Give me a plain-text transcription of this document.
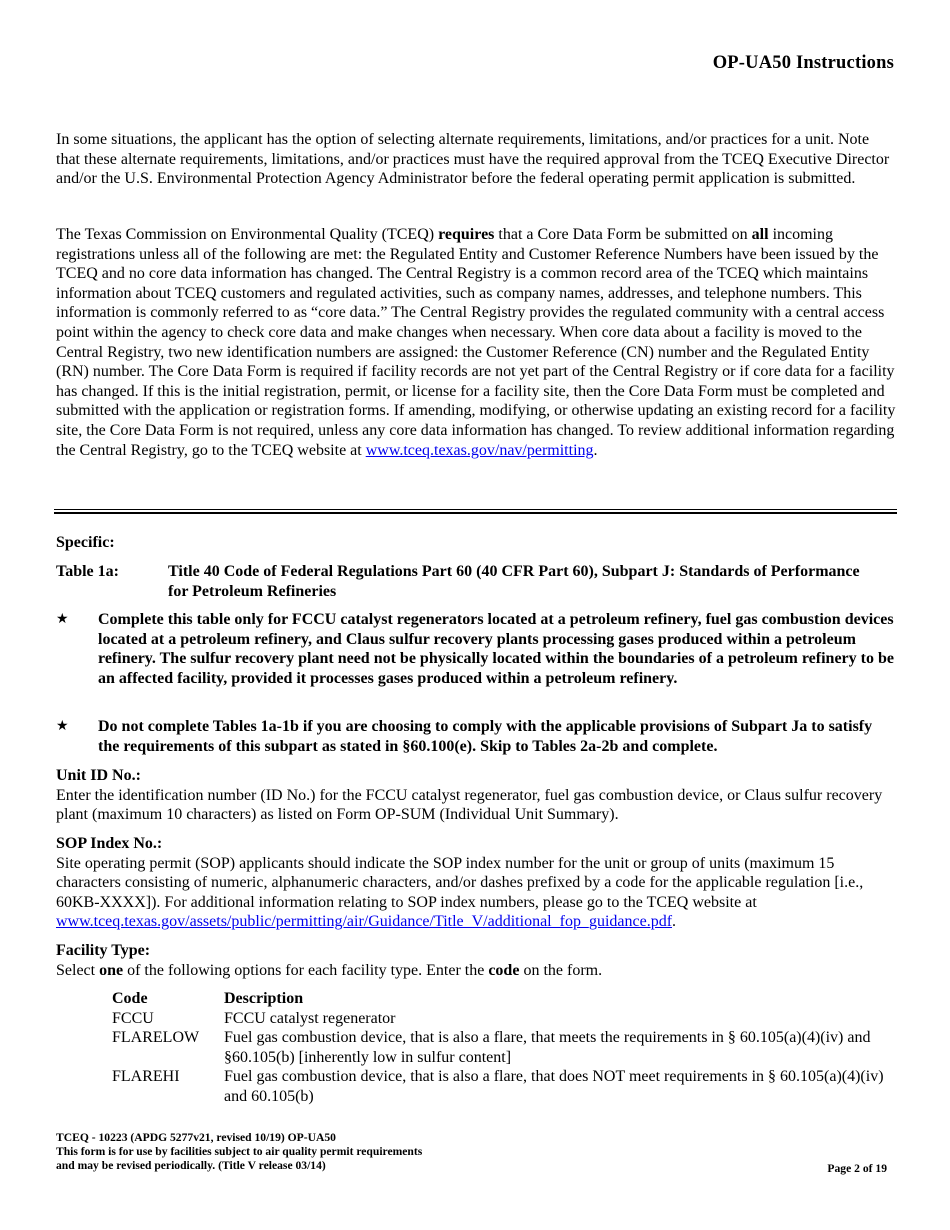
OP-UA50 Instructions

In some situations, the applicant has the option of selecting alternate requirements, limitations, and/or practices for a unit. Note that these alternate requirements, limitations, and/or practices must have the required approval from the TCEQ Executive Director and/or the U.S. Environmental Protection Agency Administrator before the federal operating permit application is submitted.

The Texas Commission on Environmental Quality (TCEQ) requires that a Core Data Form be submitted on all incoming registrations unless all of the following are met: the Regulated Entity and Customer Reference Numbers have been issued by the TCEQ and no core data information has changed. The Central Registry is a common record area of the TCEQ which maintains information about TCEQ customers and regulated activities, such as company names, addresses, and telephone numbers. This information is commonly referred to as “core data.” The Central Registry provides the regulated community with a central access point within the agency to check core data and make changes when necessary. When core data about a facility is moved to the Central Registry, two new identification numbers are assigned: the Customer Reference (CN) number and the Regulated Entity (RN) number. The Core Data Form is required if facility records are not yet part of the Central Registry or if core data for a facility has changed. If this is the initial registration, permit, or license for a facility site, then the Core Data Form must be completed and submitted with the application or registration forms. If amending, modifying, or otherwise updating an existing record for a facility site, the Core Data Form is not required, unless any core data information has changed. To review additional information regarding the Central Registry, go to the TCEQ website at www.tceq.texas.gov/nav/permitting.

Specific:
Table 1a:	Title 40 Code of Federal Regulations Part 60 (40 CFR Part 60), Subpart J: Standards of Performance for Petroleum Refineries
★ Complete this table only for FCCU catalyst regenerators located at a petroleum refinery, fuel gas combustion devices located at a petroleum refinery, and Claus sulfur recovery plants processing gases produced within a petroleum refinery. The sulfur recovery plant need not be physically located within the boundaries of a petroleum refinery to be an affected facility, provided it processes gases produced within a petroleum refinery.
★ Do not complete Tables 1a-1b if you are choosing to comply with the applicable provisions of Subpart Ja to satisfy the requirements of this subpart as stated in §60.100(e). Skip to Tables 2a-2b and complete.
Unit ID No.:

Enter the identification number (ID No.) for the FCCU catalyst regenerator, fuel gas combustion device, or Claus sulfur recovery plant (maximum 10 characters) as listed on Form OP-SUM (Individual Unit Summary).

SOP Index No.:

Site operating permit (SOP) applicants should indicate the SOP index number for the unit or group of units (maximum 15 characters consisting of numeric, alphanumeric characters, and/or dashes prefixed by a code for the applicable regulation [i.e., 60KB-XXXX]). For additional information relating to SOP index numbers, please go to the TCEQ website at www.tceq.texas.gov/assets/public/permitting/air/Guidance/Title_V/additional_fop_guidance.pdf.

Facility Type:

Select one of the following options for each facility type. Enter the code on the form.

Code	Description
FCCU	FCCU catalyst regenerator
FLARELOW	Fuel gas combustion device, that is also a flare, that meets the requirements in § 60.105(a)(4)(iv) and §60.105(b) [inherently low in sulfur content]
FLAREHI	Fuel gas combustion device, that is also a flare, that does NOT meet requirements in § 60.105(a)(4)(iv) and 60.105(b)
TCEQ - 10223 (APDG 5277v21, revised 10/19) OP-UA50
This form is for use by facilities subject to air quality permit requirements
and may be revised periodically. (Title V release 03/14)	Page 2 of 19
